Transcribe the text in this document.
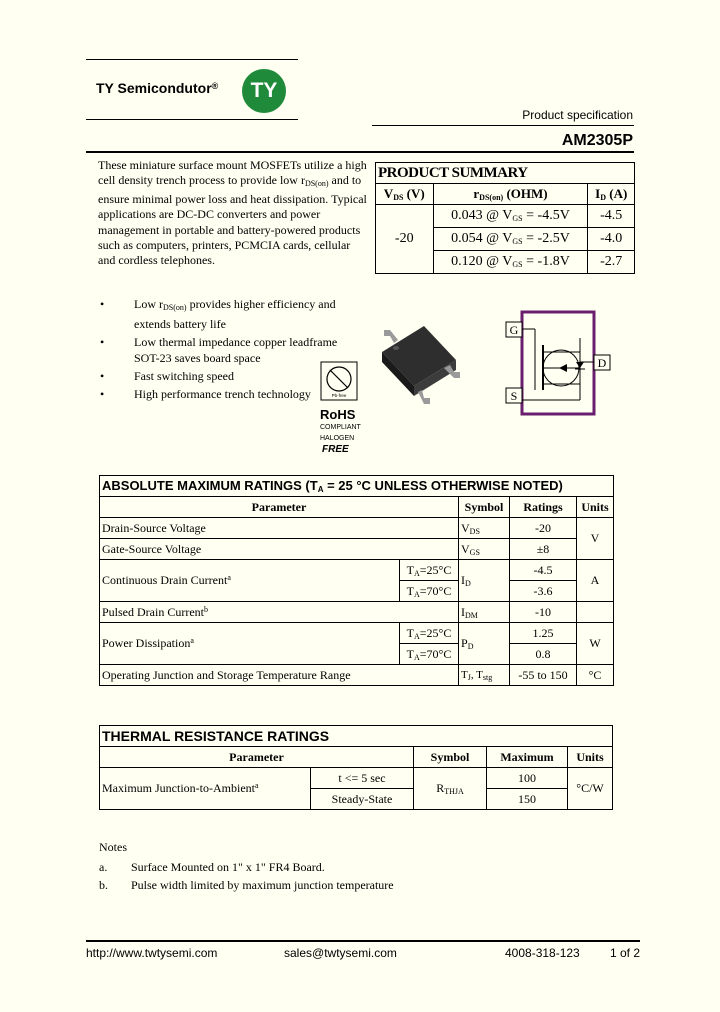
TY Semicondutor®	TY
Product specification
AM2305P
These miniature surface mount MOSFETs utilize a high cell density trench process to provide low $r_{DS(on)}$ and to ensure minimal power loss and heat dissipation. Typical applications are DC-DC converters and power management in portable and battery-powered products such as computers, printers, PCMCIA cards, cellular and cordless telephones.
PRODUCT SUMMARY		
$V_{DS}$ (V)	$r_{DS(on)}$ (OHM)	$I_D$ (A)
-20	0.043 @ $V_{GS} = -4.5V$	-4.5
	0.054 @ $V_{GS} = -2.5V$	-4.0
	0.120 @ $V_{GS} = -1.8V$	-2.7
• Low $r_{DS(on)}$ provides higher efficiency and extends battery life
• Low thermal impedance copper leadframe SOT-23 saves board space
• Fast switching speed
• High performance trench technology	Pb-free
RoHS
COMPLIANT
HALOGEN
FREE
G
D
S
ABSOLUTE MAXIMUM RATINGS ($T_A = 25$ °C UNLESS OTHERWISE NOTED)				
Parameter		Symbol	Ratings	Units
Drain-Source Voltage		$V_{DS}$	-20	V
Gate-Source Voltage		$V_{GS}$	±8	
Continuous Drain Current$^a$	$T_A=25^\circ C$	$I_D$	-4.5	A
	$T_A=70^\circ C$		-3.6	
Pulsed Drain Current$^b$		$I_{DM}$	-10	
Power Dissipation$^a$	$T_A=25^\circ C$	$P_D$	1.25	W
	$T_A=70^\circ C$		0.8	
Operating Junction and Storage Temperature Range		$T_J$, $T_{stg}$	-55 to 150	°C
THERMAL RESISTANCE RATINGS				
Parameter		Symbol	Maximum	Units
Maximum Junction-to-Ambient$^a$	t <= 5 sec	$R_{THJA}$	100	°C/W
	Steady-State		150	
Notes
a. Surface Mounted on 1" x 1" FR4 Board.
b. Pulse width limited by maximum junction temperature
http://www.twtysemi.com	sales@twtysemi.com	4008-318-123	1 of 2
